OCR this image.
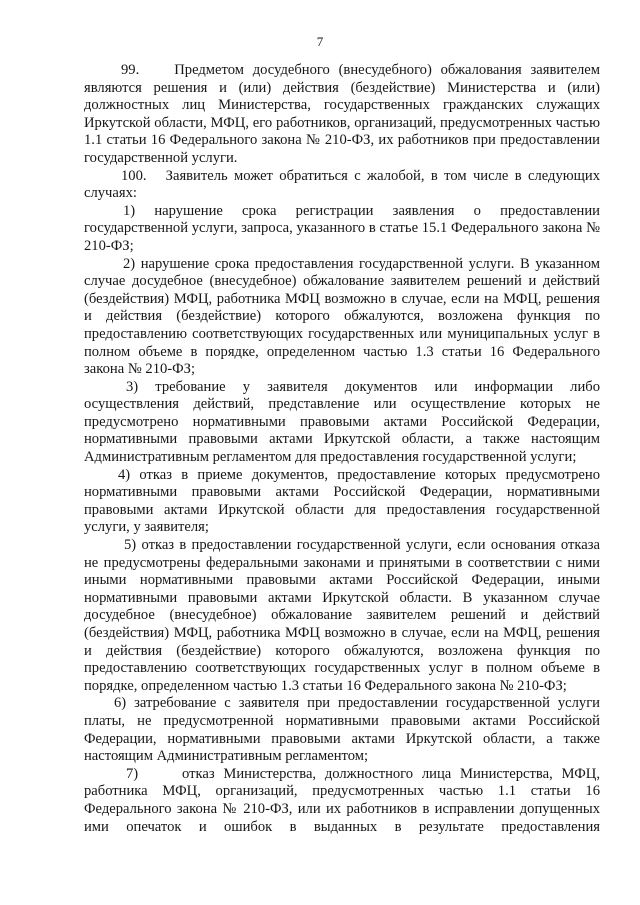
7

99.    Предметом досудебного (внесудебного) обжалования заявителем являются решения и (или) действия (бездействие) Министерства и (или) должностных лиц Министерства, государственных гражданских служащих Иркутской области, МФЦ, его работников, организаций, предусмотренных частью 1.1 статьи 16 Федерального закона № 210-ФЗ, их работников при предоставлении государственной услуги.

100.   Заявитель может обратиться с жалобой, в том числе в следующих случаях:

1) нарушение срока регистрации заявления о предоставлении государственной услуги, запроса, указанного в статье 15.1 Федерального закона № 210-ФЗ;

2) нарушение срока предоставления государственной услуги. В указанном случае досудебное (внесудебное) обжалование заявителем решений и действий (бездействия) МФЦ, работника МФЦ возможно в случае, если на МФЦ, решения и действия (бездействие) которого обжалуются, возложена функция по предоставлению соответствующих государственных или муниципальных услуг в полном объеме в порядке, определенном частью 1.3 статьи 16 Федерального закона № 210-ФЗ;

3) требование у заявителя документов или информации либо осуществления действий, представление или осуществление которых не предусмотрено нормативными правовыми актами Российской Федерации, нормативными правовыми актами Иркутской области, а также настоящим Административным регламентом для предоставления государственной услуги;

4) отказ в приеме документов, предоставление которых предусмотрено нормативными правовыми актами Российской Федерации, нормативными правовыми актами Иркутской области для предоставления государственной услуги, у заявителя;

5) отказ в предоставлении государственной услуги, если основания отказа не предусмотрены федеральными законами и принятыми в соответствии с ними иными нормативными правовыми актами Российской Федерации, иными нормативными правовыми актами Иркутской области. В указанном случае досудебное (внесудебное) обжалование заявителем решений и действий (бездействия) МФЦ, работника МФЦ возможно в случае, если на МФЦ, решения и действия (бездействие) которого обжалуются, возложена функция по предоставлению соответствующих государственных услуг в полном объеме в порядке, определенном частью 1.3 статьи 16 Федерального закона № 210-ФЗ;

6) затребование с заявителя при предоставлении государственной услуги платы, не предусмотренной нормативными правовыми актами Российской Федерации, нормативными правовыми актами Иркутской области, а также настоящим Административным регламентом;

7)     отказ Министерства, должностного лица Министерства, МФЦ, работника МФЦ, организаций, предусмотренных частью 1.1 статьи 16 Федерального закона № 210-ФЗ, или их работников в исправлении допущенных ими опечаток и ошибок в выданных в результате предоставления
